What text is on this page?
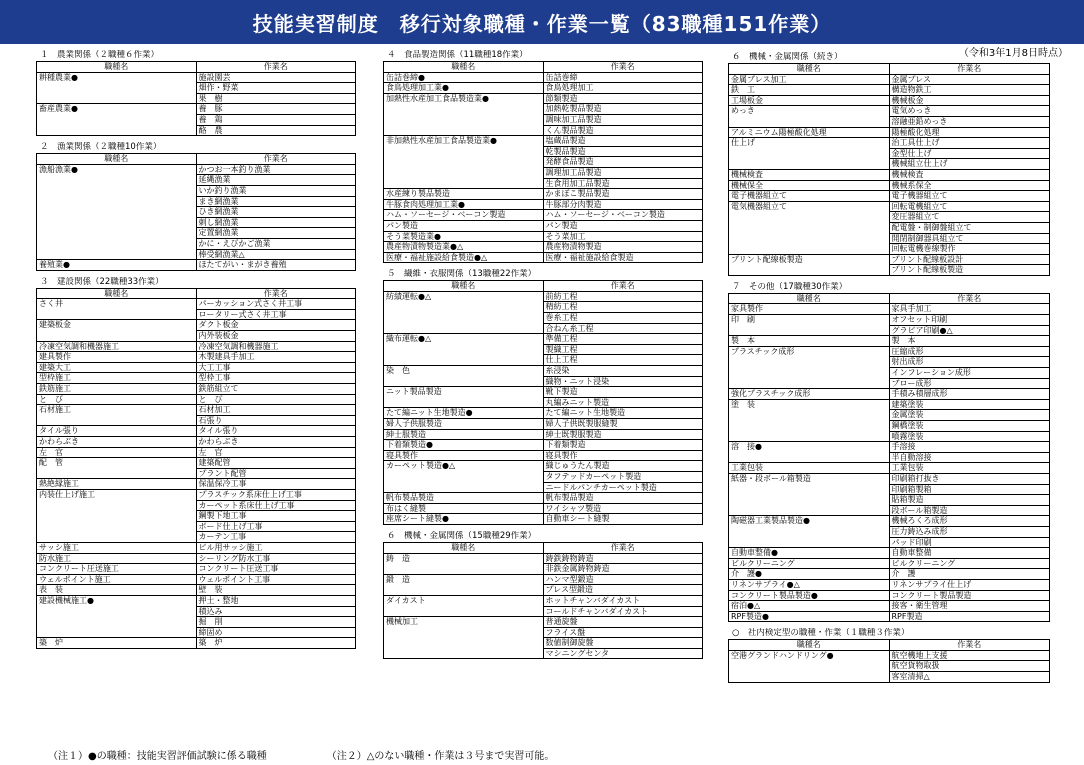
技能実習制度　移行対象職種・作業一覧（83職種151作業）
（令和3年1月8日時点）
１　農業関係（２職種６作業）
職種名	作業名
耕種農業●	施設園芸
	畑作・野菜
	果　樹
畜産農業●	養　豚
	養　鶏
	酪　農
２　漁業関係（２職種10作業）
職種名	作業名
漁船漁業●	かつお一本釣り漁業
	延縄漁業
	いか釣り漁業
	まき網漁業
	ひき網漁業
	刺し網漁業
	定置網漁業
	かに・えびかご漁業
	棒受網漁業△
養殖業●	ほたてがい・まがき養殖
３　建設関係（22職種33作業）
職種名	作業名
さく井	パーカッション式さく井工事
	ロータリー式さく井工事
建築板金	ダクト板金
	内外装板金
冷凍空気調和機器施工	冷凍空気調和機器施工
建具製作	木製建具手加工
建築大工	大工工事
型枠施工	型枠工事
鉄筋施工	鉄筋組立て
と　び	と　び
石材施工	石材加工
	石張り
タイル張り	タイル張り
かわらぶき	かわらぶき
左　官	左　官
配　管	建築配管
	プラント配管
熱絶縁施工	保温保冷工事
内装仕上げ施工	プラスチック系床仕上げ工事
	カーペット系床仕上げ工事
	鋼製下地工事
	ボード仕上げ工事
	カーテン工事
サッシ施工	ビル用サッシ施工
防水施工	シーリング防水工事
コンクリート圧送施工	コンクリート圧送工事
ウェルポイント施工	ウェルポイント工事
表　装	壁　装
建設機械施工●	押土・整地
	積込み
	掘　削
	締固め
築　炉	築　炉
４　食品製造関係（11職種18作業）
職種名	作業名
缶詰巻締●	缶詰巻締
食鳥処理加工業●	食鳥処理加工
加熱性水産加工食品製造業●	節類製造
	加熱乾製品製造
	調味加工品製造
	くん製品製造
非加熱性水産加工食品製造業●	塩蔵品製造
	乾製品製造
	発酵食品製造
	調理加工品製造
	生食用加工品製造
水産練り製品製造	かまぼこ製品製造
牛豚食肉処理加工業●	牛豚部分肉製造
ハム・ソーセージ・ベーコン製造	ハム・ソーセージ・ベーコン製造
パン製造	パン製造
そう菜製造業●	そう菜加工
農産物漬物製造業●△	農産物漬物製造
医療・福祉施設給食製造●△	医療・福祉施設給食製造
５　繊維・衣服関係（13職種22作業）
職種名	作業名
紡績運転●△	前紡工程
	精紡工程
	巻糸工程
	合ねん糸工程
織布運転●△	準備工程
	製織工程
	仕上工程
染　色	糸浸染
	織物・ニット浸染
ニット製品製造	靴下製造
	丸編みニット製造
たて編ニット生地製造●	たて編ニット生地製造
婦人子供服製造	婦人子供既製服縫製
紳士服製造	紳士既製服製造
下着類製造●	下着類製造
寝具製作	寝具製作
カーペット製造●△	織じゅうたん製造
	タフテッドカーペット製造
	ニードルパンチカーペット製造
帆布製品製造	帆布製品製造
布はく縫製	ワイシャツ製造
座席シート縫製●	自動車シート縫製
６　機械・金属関係（15職種29作業）
職種名	作業名
鋳　造	鋳鉄鋳物鋳造
	非鉄金属鋳物鋳造
鍛　造	ハンマ型鍛造
	プレス型鍛造
ダイカスト	ホットチャンバダイカスト
	コールドチャンバダイカスト
機械加工	普通旋盤
	フライス盤
	数値制御旋盤
	マシニングセンタ
６　機械・金属関係（続き）
職種名	作業名
金属プレス加工	金属プレス
鉄　工	構造物鉄工
工場板金	機械板金
めっき	電気めっき
	溶融亜鉛めっき
アルミニウム陽極酸化処理	陽極酸化処理
仕上げ	治工具仕上げ
	金型仕上げ
	機械組立仕上げ
機械検査	機械検査
機械保全	機械系保全
電子機器組立て	電子機器組立て
電気機器組立て	回転電機組立て
	変圧器組立て
	配電盤・制御盤組立て
	開閉制御器具組立て
	回転電機巻線製作
プリント配線板製造	プリント配線板設計
	プリント配線板製造
７　その他（17職種30作業）
職種名	作業名
家具製作	家具手加工
印　刷	オフセット印刷
	グラビア印刷●△
製　本	製　本
プラスチック成形	圧縮成形
	射出成形
	インフレーション成形
	ブロー成形
強化プラスチック成形	手積み積層成形
塗　装	建築塗装
	金属塗装
	鋼橋塗装
	噴霧塗装
溶　接●	手溶接
	半自動溶接
工業包装	工業包装
紙器・段ボール箱製造	印刷箱打抜き
	印刷箱製箱
	貼箱製造
	段ボール箱製造
陶磁器工業製品製造●	機械ろくろ成形
	圧力鋳込み成形
	パッド印刷
自動車整備●	自動車整備
ビルクリーニング	ビルクリーニング
介　護●	介　護
リネンサプライ●△	リネンサプライ仕上げ
コンクリート製品製造●	コンクリート製品製造
宿泊●△	接客・衛生管理
RPF製造●	RPF製造
○　社内検定型の職種・作業（１職種３作業）
職種名	作業名
空港グランドハンドリング●	航空機地上支援
	航空貨物取扱
	客室清掃△
（注１）●の職種：技能実習評価試験に係る職種	（注２）△のない職種・作業は３号まで実習可能。
